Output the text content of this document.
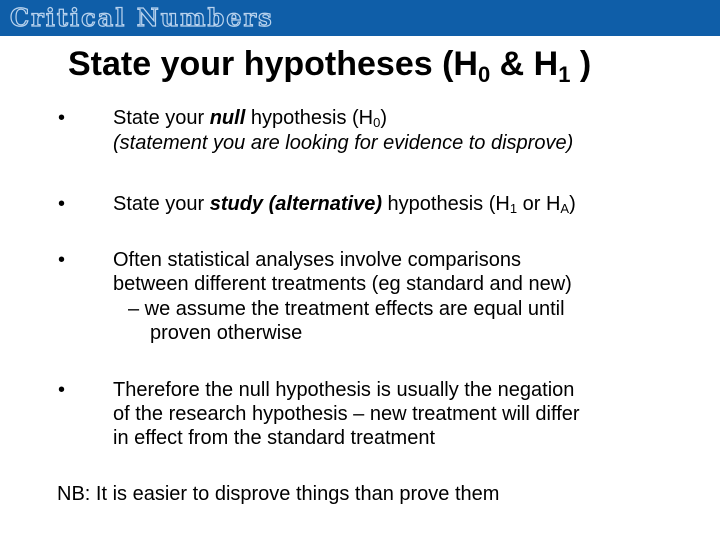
Critical Numbers
State your hypotheses ($H_0$ & $H_1$ )
• State your null hypothesis $(H_0)$
(statement you are looking for evidence to disprove)
• State your study (alternative) hypothesis ($H_1$ or $H_A$)
• Often statistical analyses involve comparisons
between different treatments (eg standard and new)
– we assume the treatment effects are equal until
proven otherwise
• Therefore the null hypothesis is usually the negation
of the research hypothesis – new treatment will differ
in effect from the standard treatment
NB: It is easier to disprove things than prove them
